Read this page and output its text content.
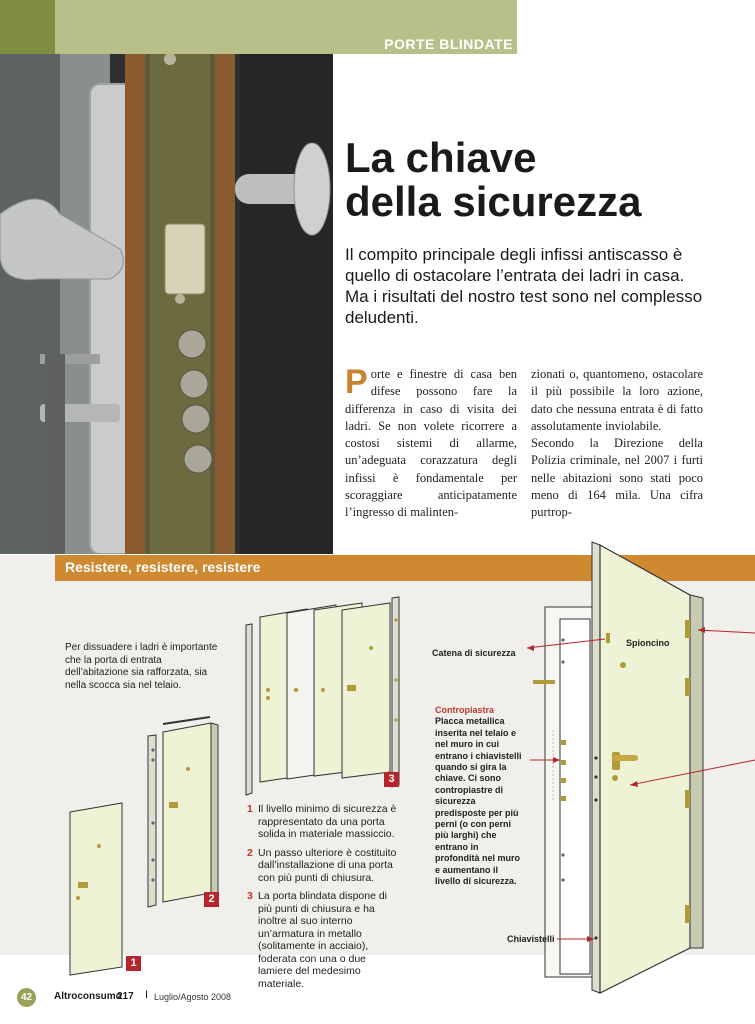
PORTE BLINDATE
La chiave
della sicurezza

Il compito principale degli infissi antiscasso è quello di ostacolare l’entrata dei ladri in casa. Ma i risultati del nostro test sono nel complesso deludenti.

Porte e finestre di casa ben difese possono fare la differenza in caso di visita dei ladri. Se non volete ricorrere a costosi sistemi di allarme, un’adeguata corazzatura degli infissi è fondamentale per scoraggiare anticipatamente l’ingresso di malinten-
zionati o, quantomeno, ostacolare il più possibile la loro azione, dato che nessuna entrata è di fatto assolutamente inviolabile.
Secondo la Direzione della Polizia criminale, nel 2007 i furti nelle abitazioni sono stati poco meno di 164 mila. Una cifra purtrop-
Resistere, resistere, resistere

Per dissuadere i ladri è importante che la porta di entrata dell’abitazione sia rafforzata, sia nella scocca sia nel telaio.

1
2
3
1 Il livello minimo di sicurezza è rappresentato da una porta solida in materiale massiccio.
2 Un passo ulteriore è costituito dall’installazione di una porta con più punti di chiusura.
3 La porta blindata dispone di più punti di chiusura e ha inoltre al suo interno un’armatura in metallo (solitamente in acciaio), foderata con una o due lamiere del medesimo materiale.
Catena di sicurezza
Spioncino
Chiavistelli
Contropiastra
Placca metallica inserita nel telaio e nel muro in cui entrano i chiavistelli quando si gira la chiave. Ci sono contropiastre di sicurezza predisposte per più perni (o con perni più larghi) che entrano in profondità nel muro e aumentano il livello di sicurezza.
42	Altroconsumo
217 I Luglio/Agosto 2008
